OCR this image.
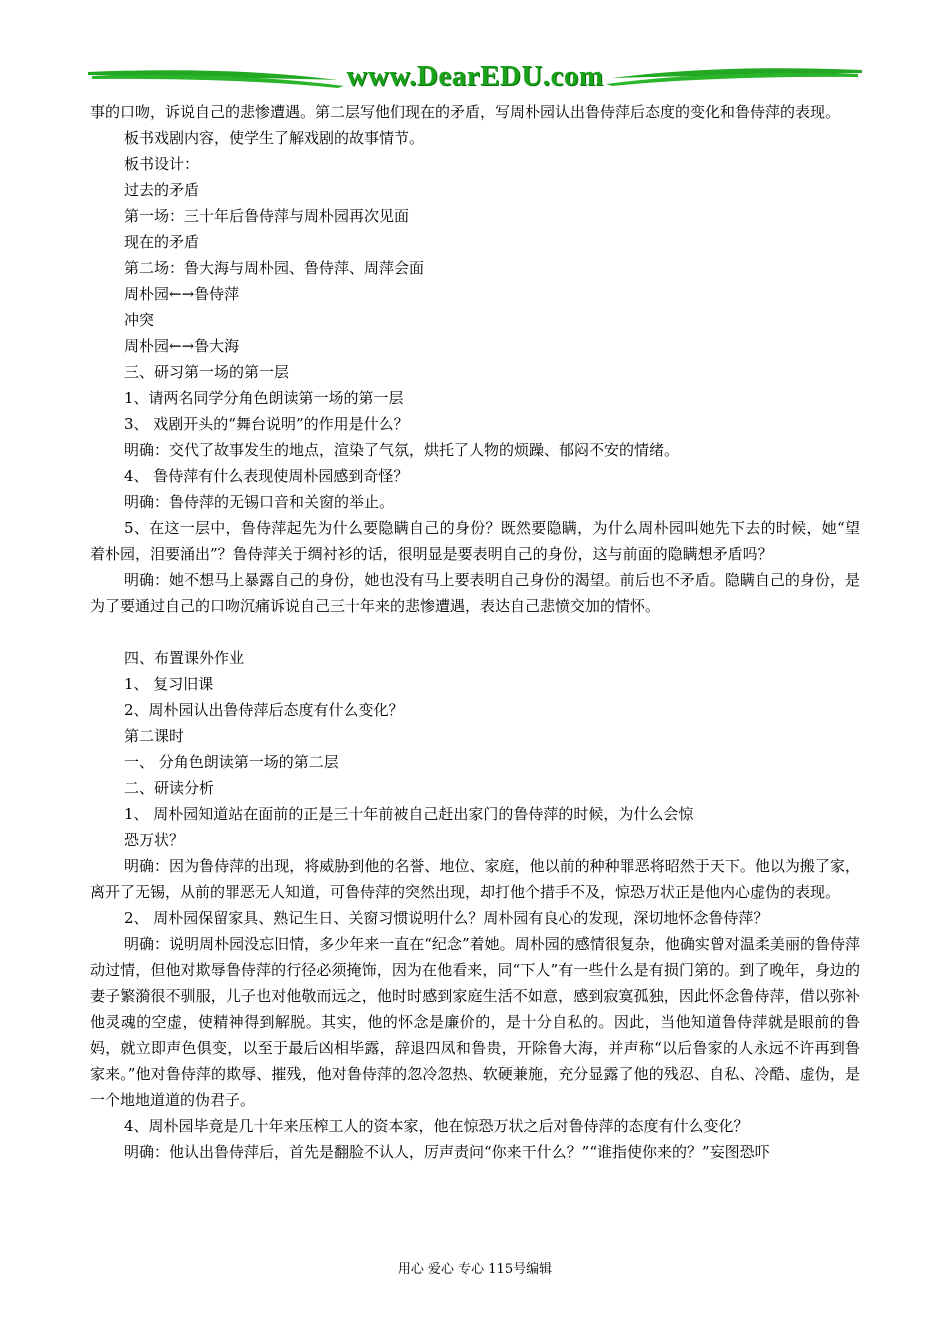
www.DearEDU.com

事的口吻，诉说自己的悲惨遭遇。第二层写他们现在的矛盾，写周朴园认出鲁侍萍后态度的变化和鲁侍萍的表现。

板书戏剧内容，使学生了解戏剧的故事情节。

板书设计：

过去的矛盾

第一场：三十年后鲁侍萍与周朴园再次见面

现在的矛盾

第二场：鲁大海与周朴园、鲁侍萍、周萍会面

周朴园←→鲁侍萍

冲突

周朴园←→鲁大海

三、研习第一场的第一层

1、请两名同学分角色朗读第一场的第一层

3、 戏剧开头的“舞台说明”的作用是什么？

明确：交代了故事发生的地点，渲染了气氛，烘托了人物的烦躁、郁闷不安的情绪。

4、 鲁侍萍有什么表现使周朴园感到奇怪？

明确：鲁侍萍的无锡口音和关窗的举止。

5、在这一层中，鲁侍萍起先为什么要隐瞒自己的身份？既然要隐瞒，为什么周朴园叫她先下去的时候，她“望着朴园，泪要涌出”？鲁侍萍关于绸衬衫的话，很明显是要表明自己的身份，这与前面的隐瞒想矛盾吗？

明确：她不想马上暴露自己的身份，她也没有马上要表明自己身份的渴望。前后也不矛盾。隐瞒自己的身份，是为了要通过自己的口吻沉痛诉说自己三十年来的悲惨遭遇，表达自己悲愤交加的情怀。

四、布置课外作业

1、 复习旧课

2、周朴园认出鲁侍萍后态度有什么变化？

第二课时

一、 分角色朗读第一场的第二层

二、研读分析

1、 周朴园知道站在面前的正是三十年前被自己赶出家门的鲁侍萍的时候，为什么会惊

恐万状？

明确：因为鲁侍萍的出现，将威胁到他的名誉、地位、家庭，他以前的种种罪恶将昭然于天下。他以为搬了家，离开了无锡，从前的罪恶无人知道，可鲁侍萍的突然出现，却打他个措手不及，惊恐万状正是他内心虚伪的表现。

2、 周朴园保留家具、熟记生日、关窗习惯说明什么？周朴园有良心的发现，深切地怀念鲁侍萍？

明确：说明周朴园没忘旧情，多少年来一直在“纪念”着她。周朴园的感情很复杂，他确实曾对温柔美丽的鲁侍萍动过情，但他对欺辱鲁侍萍的行径必须掩饰，因为在他看来，同“下人”有一些什么是有损门第的。到了晚年，身边的妻子繁漪很不驯服，儿子也对他敬而远之，他时时感到家庭生活不如意，感到寂寞孤独，因此怀念鲁侍萍，借以弥补他灵魂的空虚，使精神得到解脱。其实，他的怀念是廉价的，是十分自私的。因此，当他知道鲁侍萍就是眼前的鲁妈，就立即声色俱变，以至于最后凶相毕露，辞退四凤和鲁贵，开除鲁大海，并声称“以后鲁家的人永远不许再到鲁家来。”他对鲁侍萍的欺辱、摧残，他对鲁侍萍的忽冷忽热、软硬兼施，充分显露了他的残忍、自私、冷酷、虚伪，是一个地地道道的伪君子。

4、周朴园毕竟是几十年来压榨工人的资本家，他在惊恐万状之后对鲁侍萍的态度有什么变化？

明确：他认出鲁侍萍后，首先是翻脸不认人，厉声责问“你来干什么？”“谁指使你来的？”妄图恐吓

用心 爱心 专心 115号编辑
